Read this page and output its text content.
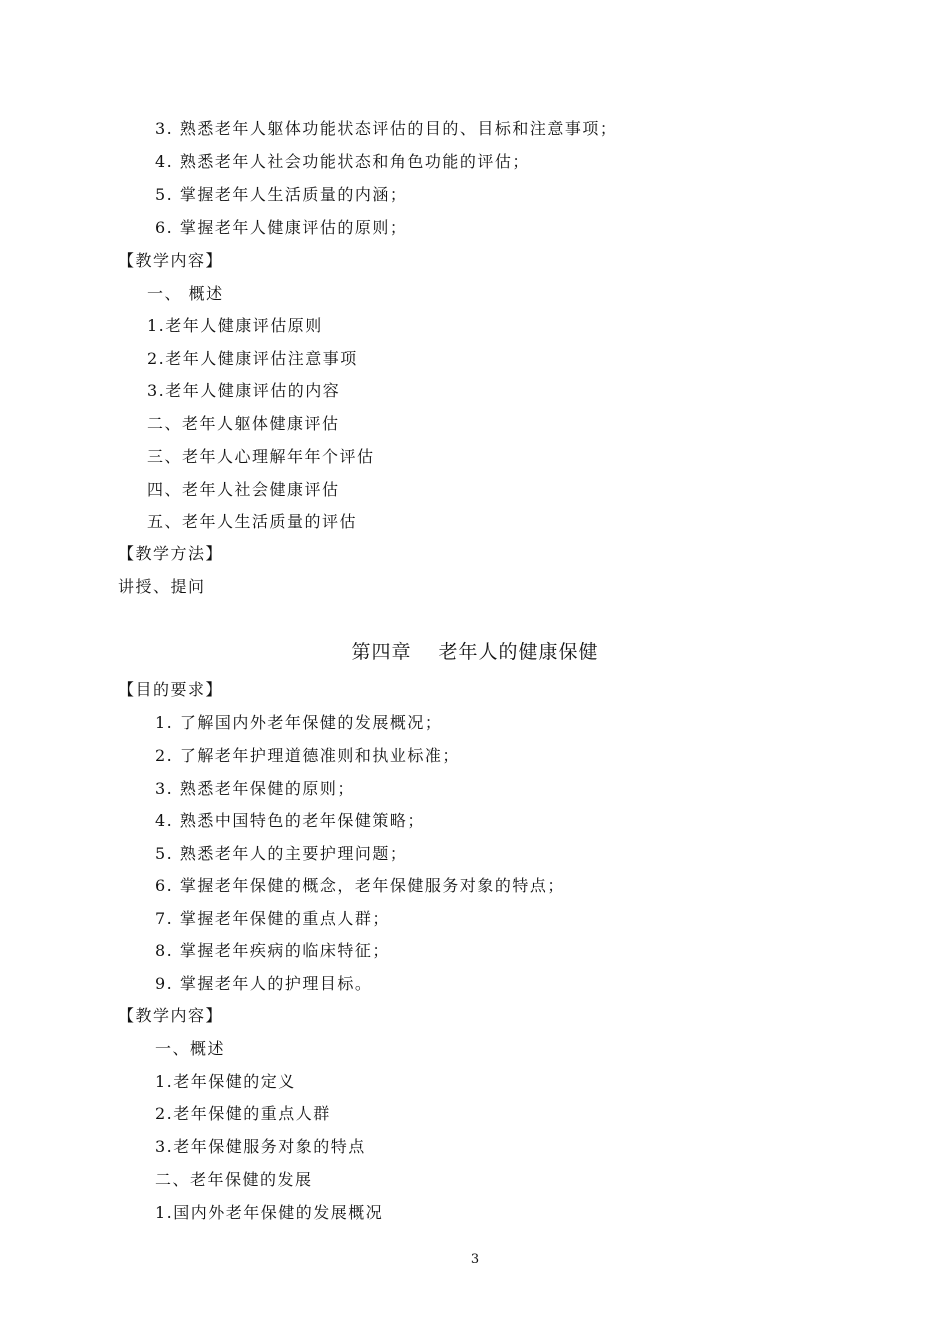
3. 熟悉老年人躯体功能状态评估的目的、目标和注意事项；
4. 熟悉老年人社会功能状态和角色功能的评估；
5. 掌握老年人生活质量的内涵；
6. 掌握老年人健康评估的原则；
【教学内容】
一、 概述
1.老年人健康评估原则
2.老年人健康评估注意事项
3.老年人健康评估的内容
二、老年人躯体健康评估
三、老年人心理解年年个评估
四、老年人社会健康评估
五、老年人生活质量的评估
【教学方法】
讲授、提问
第四章　 老年人的健康保健
【目的要求】
1. 了解国内外老年保健的发展概况；
2. 了解老年护理道德准则和执业标准；
3. 熟悉老年保健的原则；
4. 熟悉中国特色的老年保健策略；
5. 熟悉老年人的主要护理问题；
6. 掌握老年保健的概念，老年保健服务对象的特点；
7. 掌握老年保健的重点人群；
8. 掌握老年疾病的临床特征；
9. 掌握老年人的护理目标。
【教学内容】
一、概述
1.老年保健的定义
2.老年保健的重点人群
3.老年保健服务对象的特点
二、老年保健的发展
1.国内外老年保健的发展概况
3
